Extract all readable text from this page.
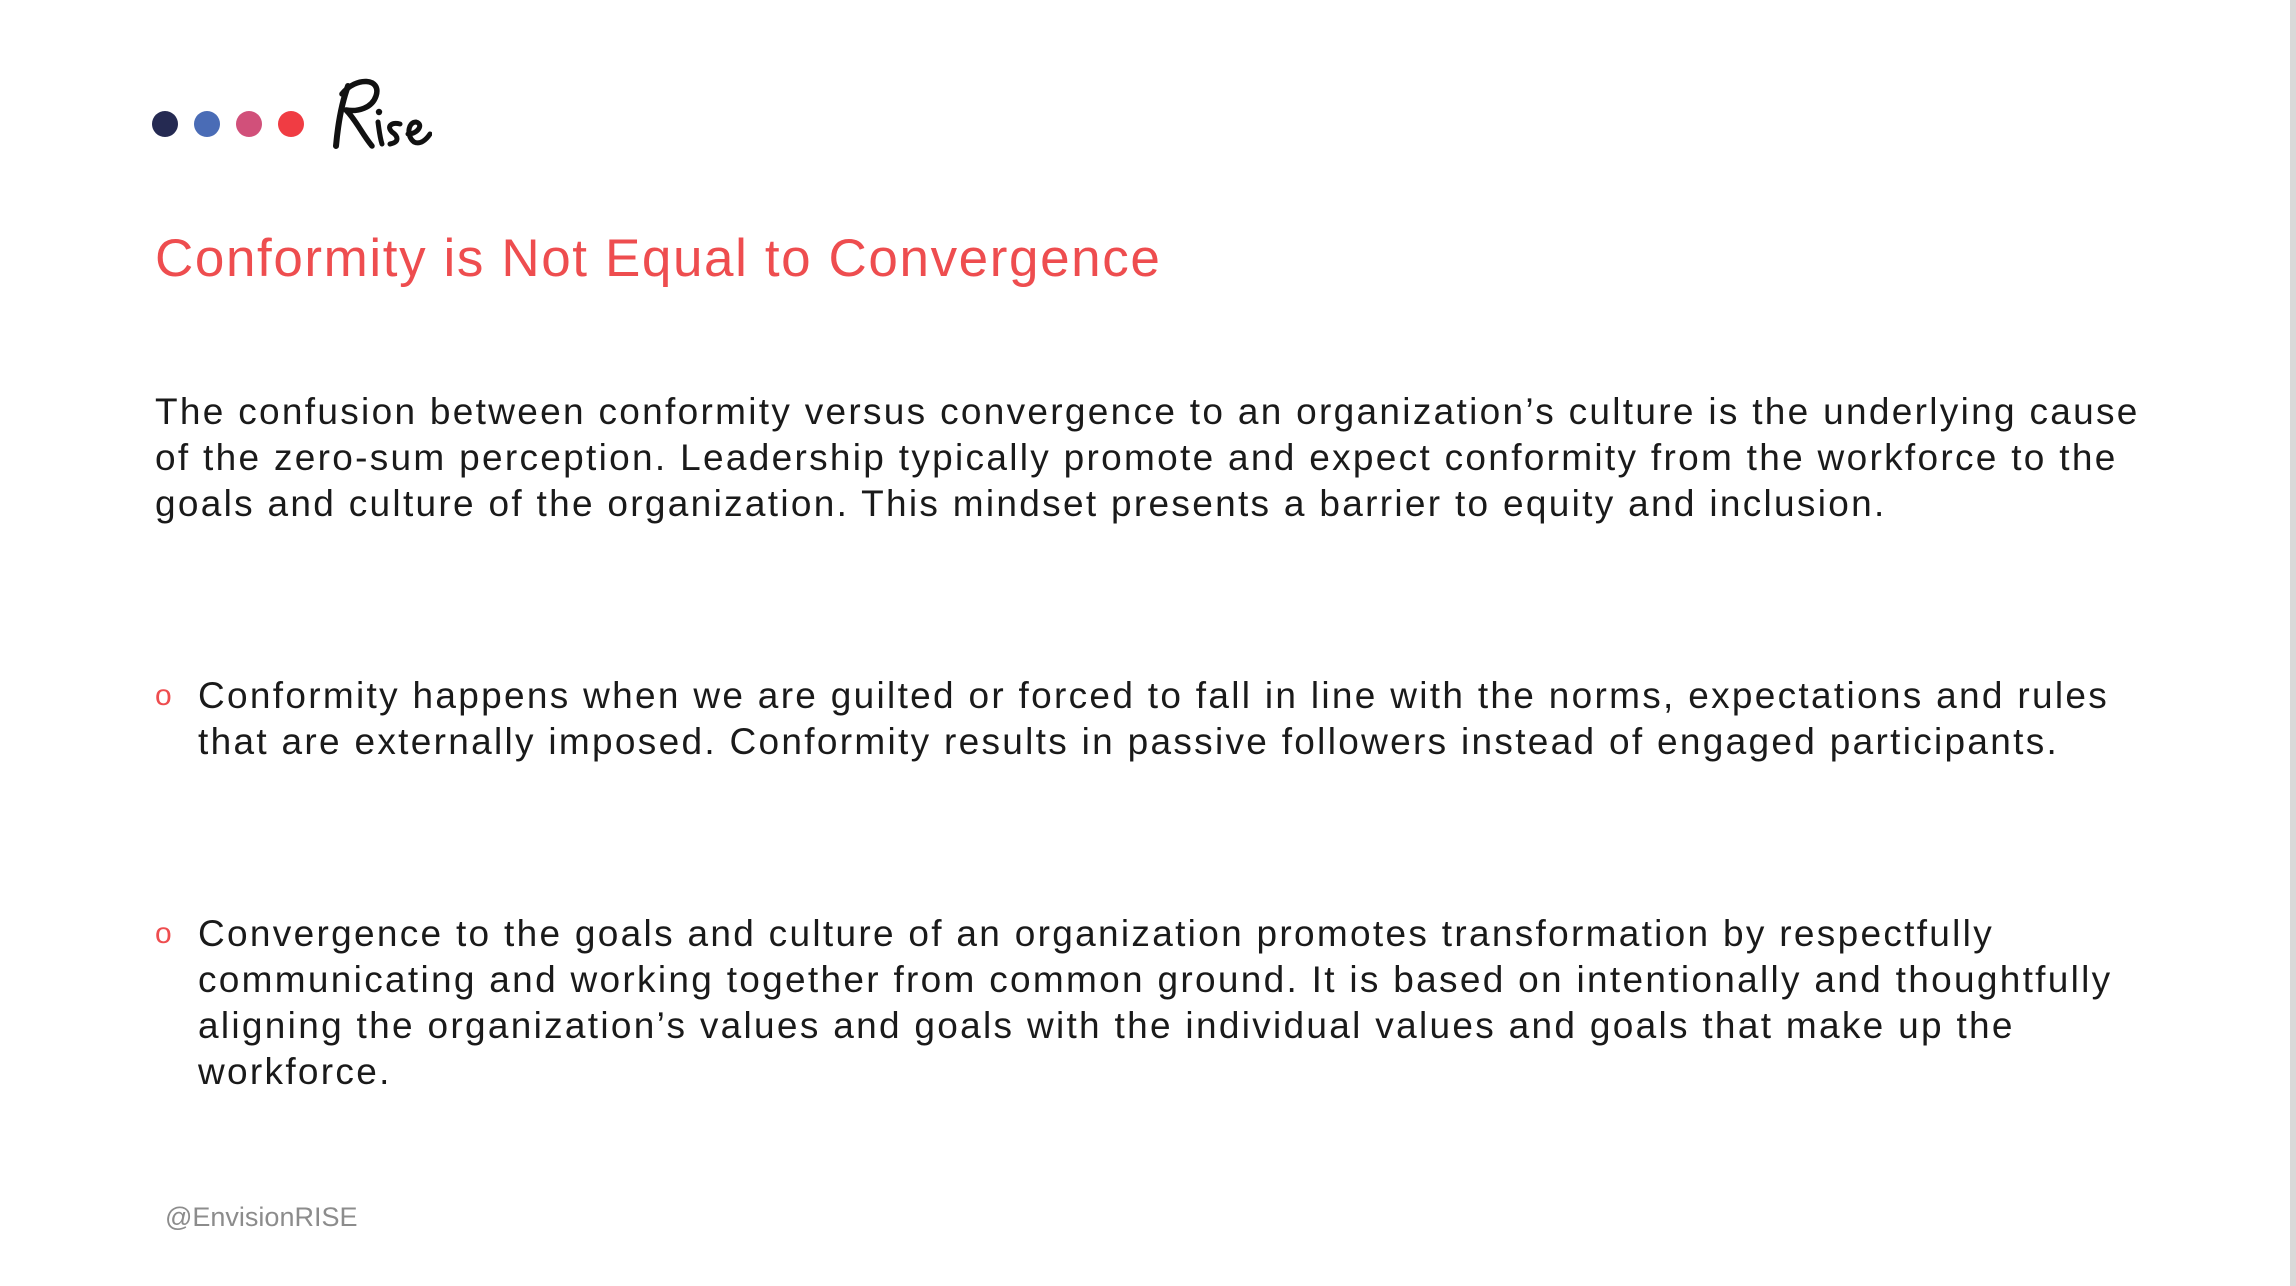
Conformity is Not Equal to Convergence

The confusion between conformity versus convergence to an organization’s culture is the underlying cause of the zero-sum perception. Leadership typically promote and expect conformity from the workforce to the goals and culture of the organization. This mindset presents a barrier to equity and inclusion.

o Conformity happens when we are guilted or forced to fall in line with the norms, expectations and rules that are externally imposed. Conformity results in passive followers instead of engaged participants.

o Convergence to the goals and culture of an organization promotes transformation by respectfully communicating and working together from common ground. It is based on intentionally and thoughtfully aligning the organization’s values and goals with the individual values and goals that make up the workforce.

@EnvisionRISE
